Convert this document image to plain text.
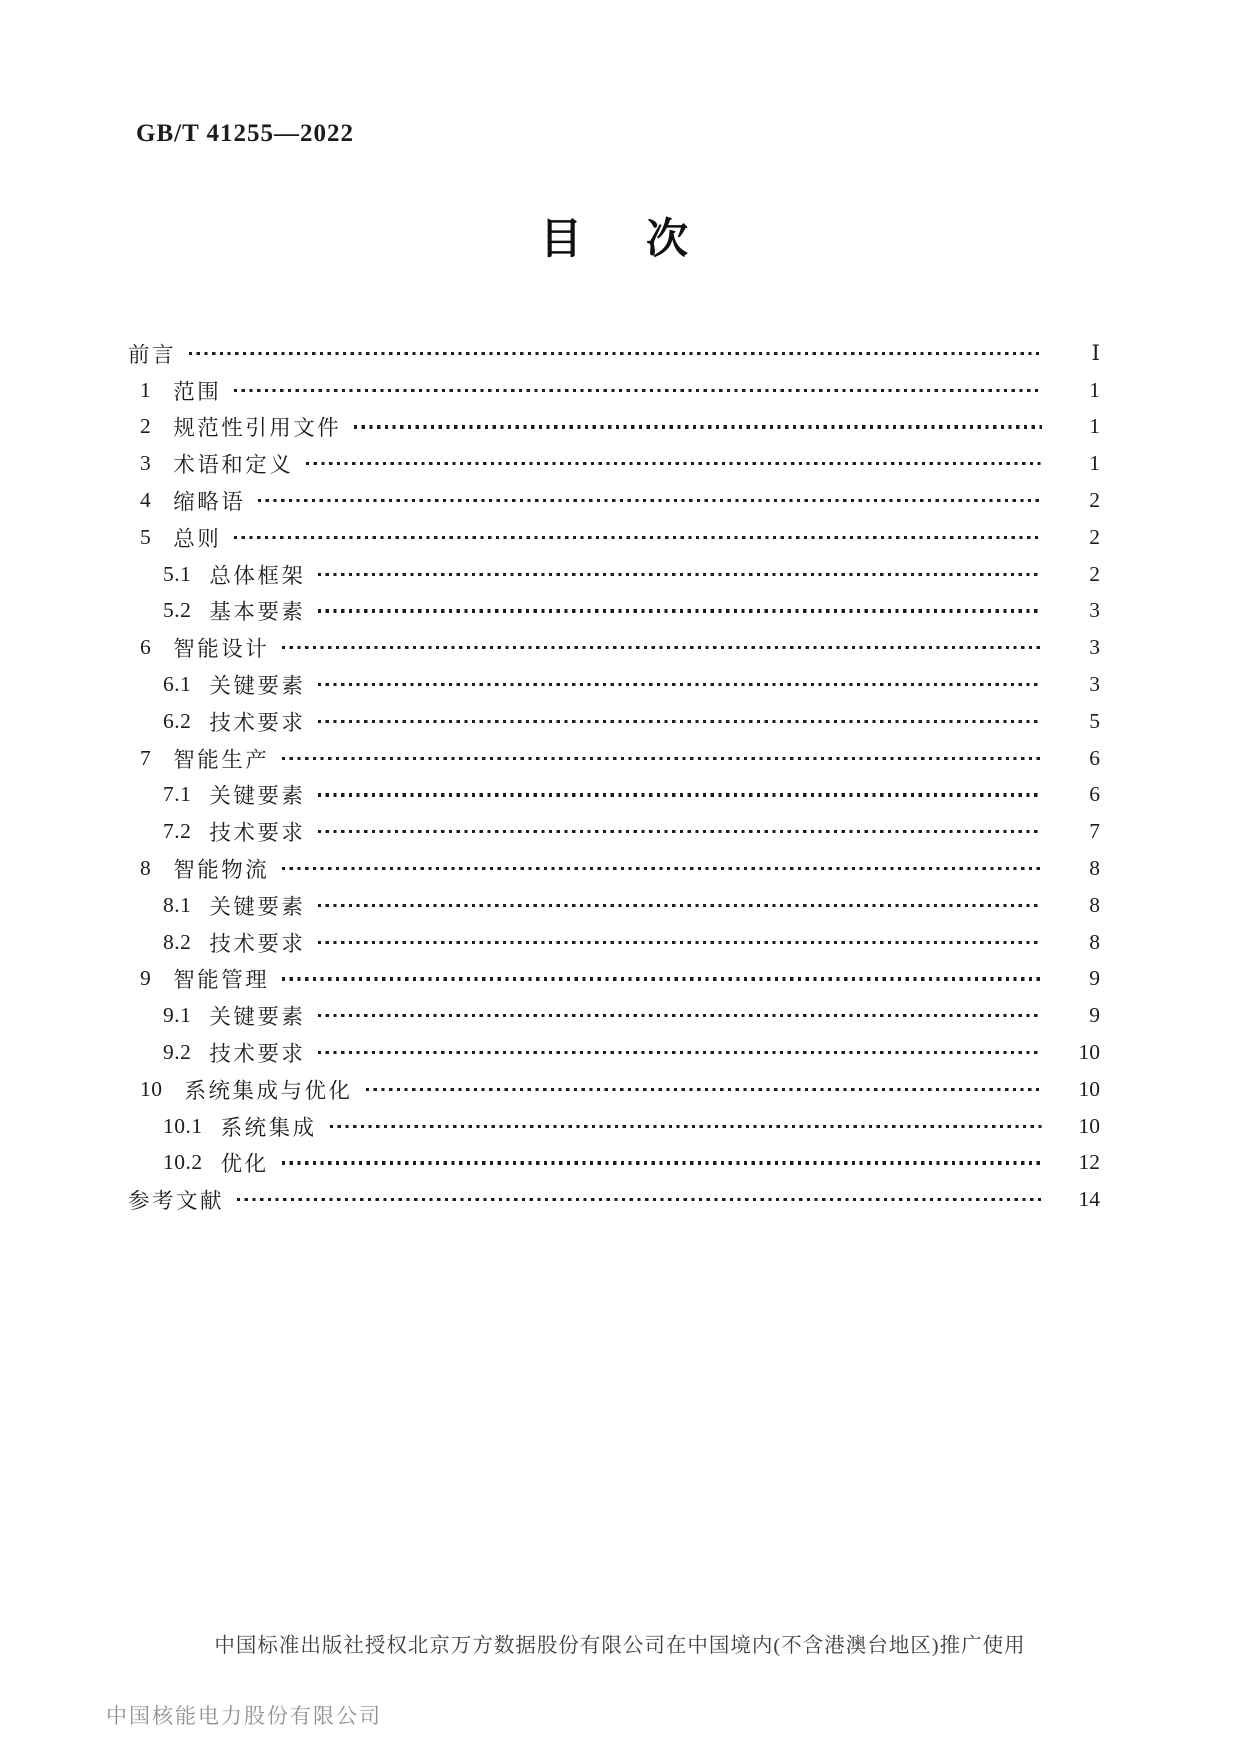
GB/T 41255—2022
目 次
前言	Ⅰ
1 范围	1
2 规范性引用文件	1
3 术语和定义	1
4 缩略语	2
5 总则	2
5.1 总体框架	2
5.2 基本要素	3
6 智能设计	3
6.1 关键要素	3
6.2 技术要求	5
7 智能生产	6
7.1 关键要素	6
7.2 技术要求	7
8 智能物流	8
8.1 关键要素	8
8.2 技术要求	8
9 智能管理	9
9.1 关键要素	9
9.2 技术要求	10
10 系统集成与优化	10
10.1 系统集成	10
10.2 优化	12
参考文献	14
中国标准出版社授权北京万方数据股份有限公司在中国境内(不含港澳台地区)推广使用
中国核能电力股份有限公司
